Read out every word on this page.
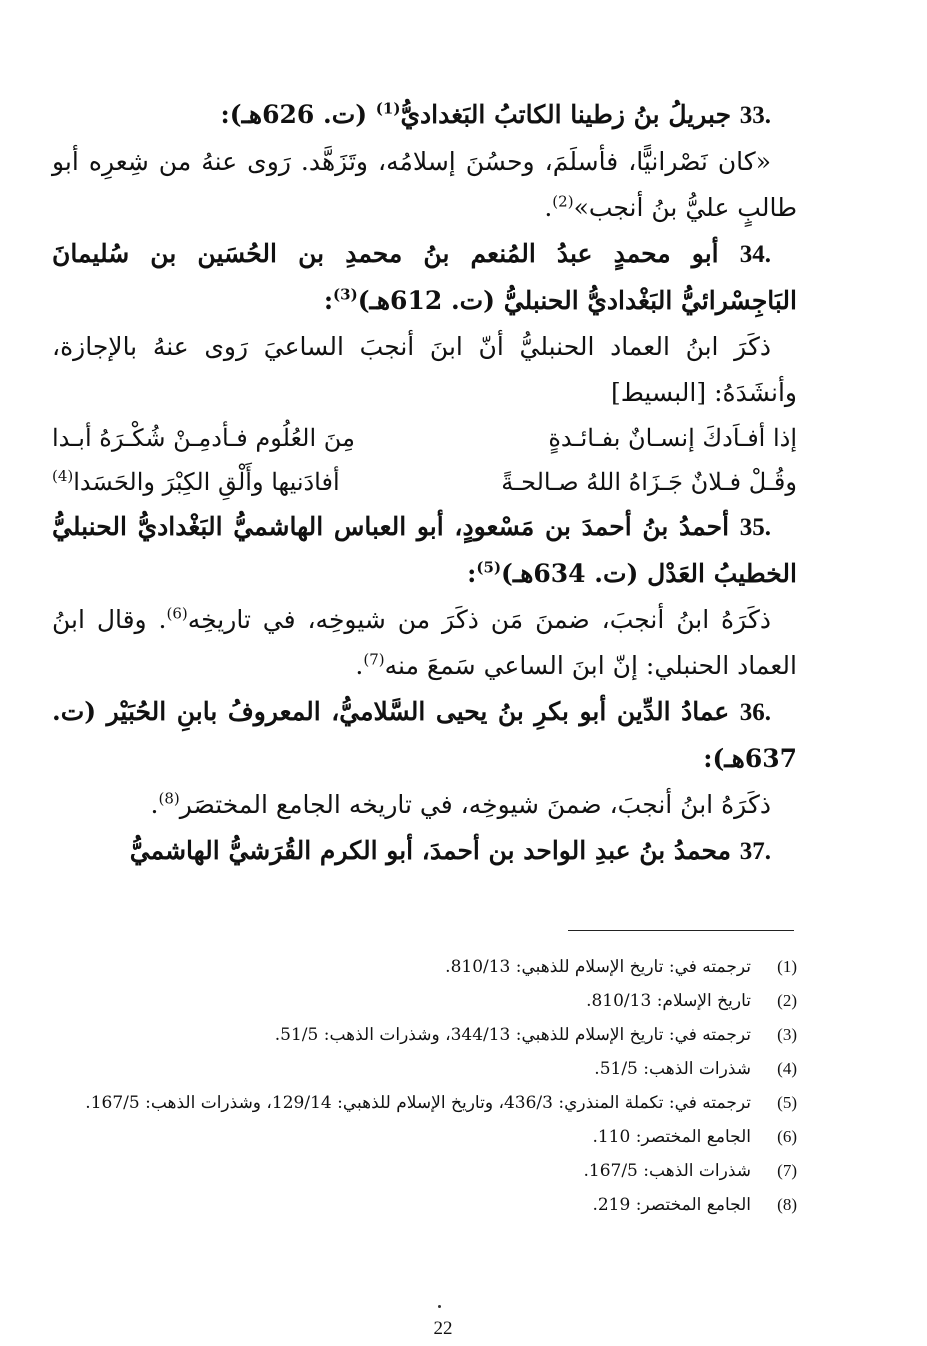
33. جبريلُ بنُ زطينا الكاتبُ البَغداديُّ$^{(1)}$ (ت. 626هـ):

«كان نَصْرانيًّا، فأسلَمَ، وحسُنَ إسلامُه، وتَزَهَّد. رَوى عنهُ من شِعرِه أبو طالبٍ عليُّ بنُ أنجب»$^{(2)}$.

34. أبو محمدٍ عبدُ المُنعم بنُ محمدِ بن الحُسَين بن سُليمانَ البَاجِسْرائيُّ البَغْداديُّ الحنبليُّ (ت. 612هـ)$^{(3)}$:

ذكَرَ ابنُ العماد الحنبليُّ أنّ ابنَ أنجبَ الساعيَ رَوى عنهُ بالإجازة، وأنشَدَهُ: [البسيط]

إذا أفـاَدكَ إنسـانٌ بفـائـدةٍ
مِنَ العُلُوم فـأدمِـنْ شُكْـرَهُ أبـدا
وقُـلْ فـلانٌ جَـزَاهُ اللهُ صـالحـةً
أفادَنيها وأَلْقِ الكِبْرَ والحَسَدا$^{(4)}$

35. أحمدُ بنُ أحمدَ بن مَسْعودٍ، أبو العباس الهاشميُّ البَغْداديُّ الحنبليُّ الخطيبُ العَدْل (ت. 634هـ)$^{(5)}$:

ذكَرَهُ ابنُ أنجبَ، ضمنَ مَن ذكَرَ من شيوخِه، في تاريخِه$^{(6)}$. وقال ابنُ العماد الحنبلي: إنّ ابنَ الساعي سَمعَ منه$^{(7)}$.

36. عمادُ الدِّين أبو بكرِ بنُ يحيى السَّلاميُّ، المعروفُ بابنِ الحُبَيْر (ت. 637هـ):

ذكَرَهُ ابنُ أنجبَ، ضمنَ شيوخِه، في تاريخه الجامع المختصَر$^{(8)}$.

37. محمدُ بنُ عبدِ الواحد بن أحمدَ، أبو الكرم القُرَشيُّ الهاشميُّ

(1)
ترجمته في: تاريخ الإسلام للذهبي: 810/13.
(2)
تاريخ الإسلام: 810/13.
(3)
ترجمته في: تاريخ الإسلام للذهبي: 344/13، وشذرات الذهب: 51/5.
(4)
شذرات الذهب: 51/5.
(5)
ترجمته في: تكملة المنذري: 436/3، وتاريخ الإسلام للذهبي: 129/14، وشذرات الذهب: 167/5.
(6)
الجامع المختصر: 110.
(7)
شذرات الذهب: 167/5.
(8)
الجامع المختصر: 219.
22
